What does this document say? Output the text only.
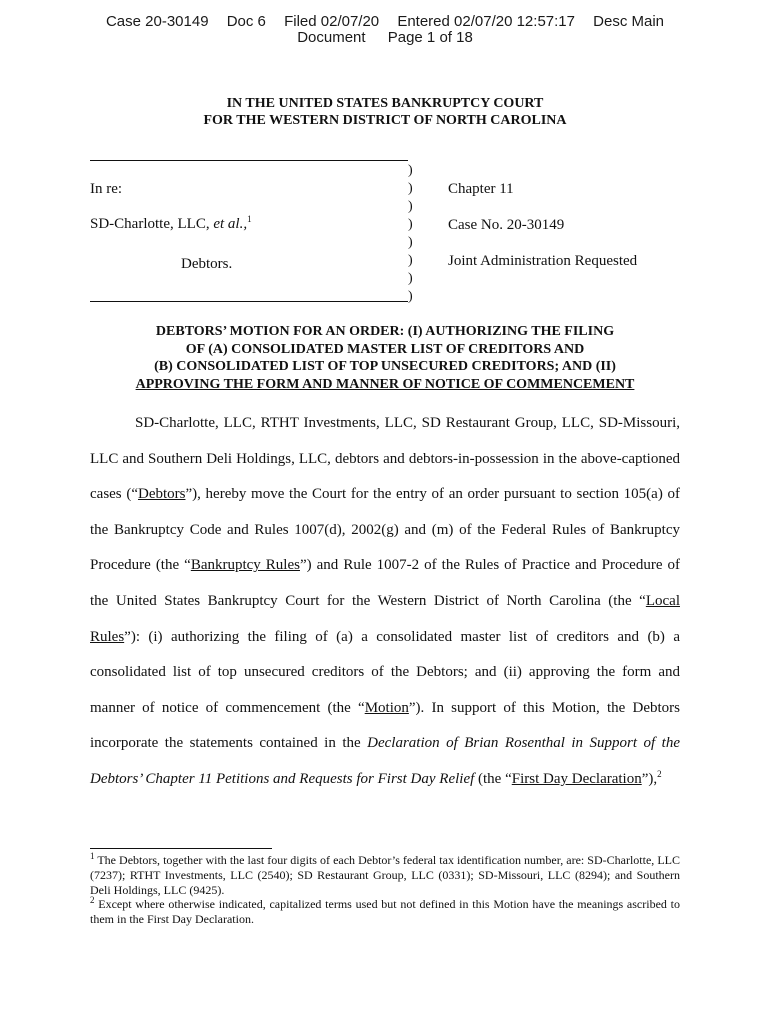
Case 20-30149 Doc 6 Filed 02/07/20 Entered 02/07/20 12:57:17 Desc Main
Document Page 1 of 18
IN THE UNITED STATES BANKRUPTCY COURT
FOR THE WESTERN DISTRICT OF NORTH CAROLINA
In re:
SD-Charlotte, LLC, et al.,$^1$
Debtors.
)
)
)
)
)
)
)
)
Chapter 11
Case No. 20-30149
Joint Administration Requested
DEBTORS’ MOTION FOR AN ORDER: (I) AUTHORIZING THE FILING
OF (A) CONSOLIDATED MASTER LIST OF CREDITORS AND
(B) CONSOLIDATED LIST OF TOP UNSECURED CREDITORS; AND (II)
APPROVING THE FORM AND MANNER OF NOTICE OF COMMENCEMENT

SD-Charlotte, LLC, RTHT Investments, LLC, SD Restaurant Group, LLC, SD-Missouri, LLC and Southern Deli Holdings, LLC, debtors and debtors-in-possession in the above-captioned cases (“Debtors”), hereby move the Court for the entry of an order pursuant to section 105(a) of the Bankruptcy Code and Rules 1007(d), 2002(g) and (m) of the Federal Rules of Bankruptcy Procedure (the “Bankruptcy Rules”) and Rule 1007-2 of the Rules of Practice and Procedure of the United States Bankruptcy Court for the Western District of North Carolina (the “Local Rules”): (i) authorizing the filing of (a) a consolidated master list of creditors and (b) a consolidated list of top unsecured creditors of the Debtors; and (ii) approving the form and manner of notice of commencement (the “Motion”). In support of this Motion, the Debtors incorporate the statements contained in the Declaration of Brian Rosenthal in Support of the Debtors’ Chapter 11 Petitions and Requests for First Day Relief (the “First Day Declaration”),$^2$

$^1$ The Debtors, together with the last four digits of each Debtor’s federal tax identification number, are: SD-Charlotte, LLC (7237); RTHT Investments, LLC (2540); SD Restaurant Group, LLC (0331); SD-Missouri, LLC (8294); and Southern Deli Holdings, LLC (9425).

$^2$ Except where otherwise indicated, capitalized terms used but not defined in this Motion have the meanings ascribed to them in the First Day Declaration.
